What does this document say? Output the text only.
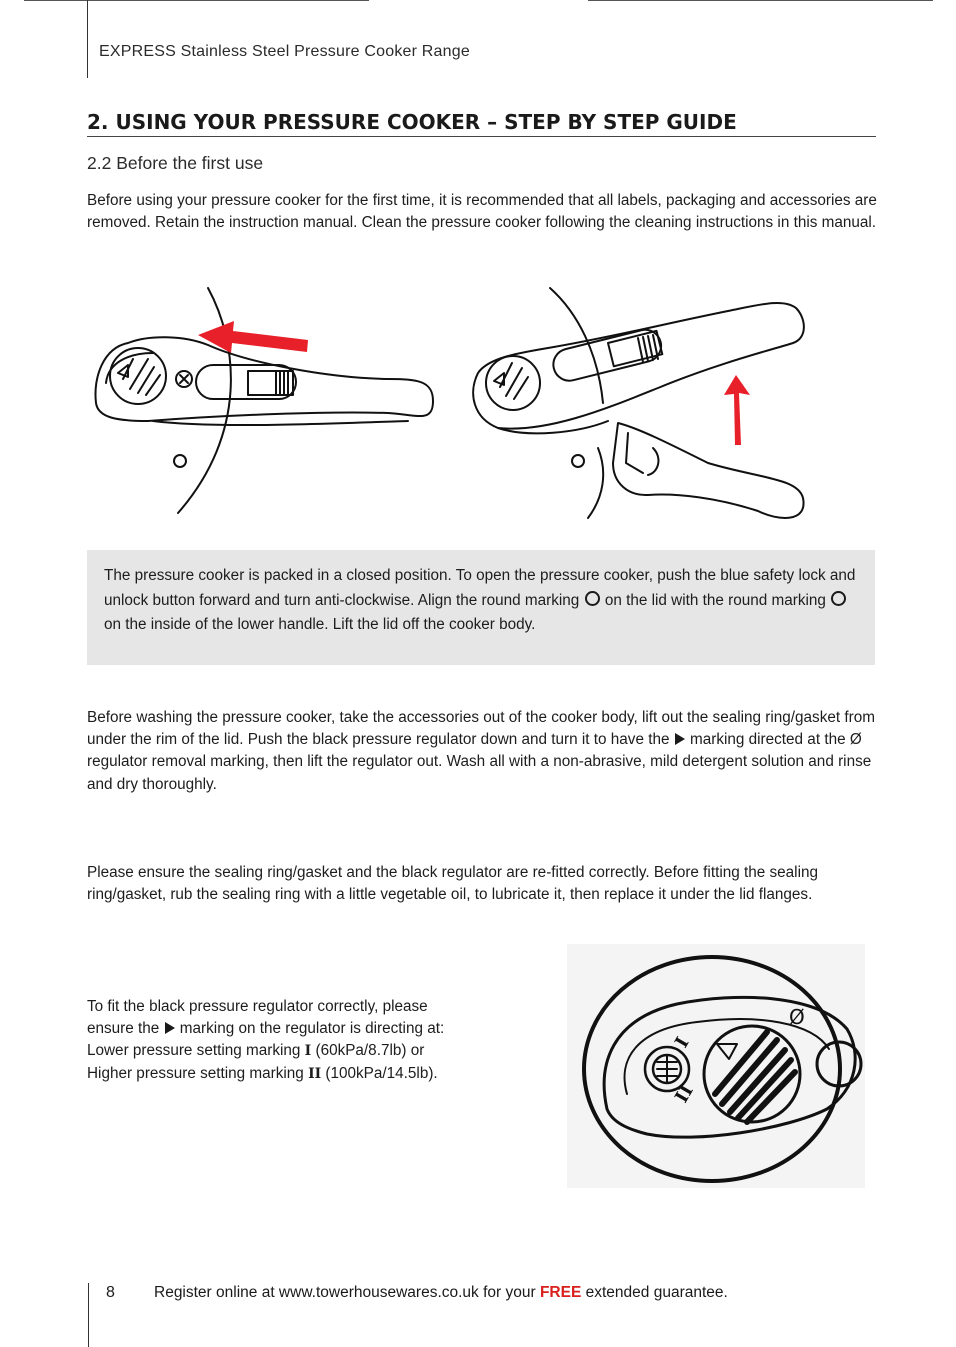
EXPRESS Stainless Steel Pressure Cooker Range
2. USING YOUR PRESSURE COOKER – STEP BY STEP GUIDE
2.2 Before the first use
Before using your pressure cooker for the first time, it is recommended that all labels, packaging and accessories are removed. Retain the instruction manual. Clean the pressure cooker following the cleaning instructions in this manual.
The pressure cooker is packed in a closed position. To open the pressure cooker, push the blue safety lock and unlock button forward and turn anti-clockwise. Align the round marking on the lid with the round marking  on the inside of the lower handle. Lift the lid off the cooker body.
Before washing the pressure cooker, take the accessories out of the cooker body, lift out the sealing ring/gasket from under the rim of the lid. Push the black pressure regulator down and turn it to have the marking directed at the Ø regulator removal marking, then lift the regulator out. Wash all with a non-abrasive, mild detergent solution and rinse and dry thoroughly.
Please ensure the sealing ring/gasket and the black regulator are re-fitted correctly. Before fitting the sealing ring/gasket, rub the sealing ring with a little vegetable oil, to lubricate it, then replace it under the lid flanges.
To fit the black pressure regulator correctly, please
ensure the marking on the regulator is directing at:
Lower pressure setting marking I (60kPa/8.7lb) or
Higher pressure setting marking II (100kPa/14.5lb).
I
II
Ø
8	Register online at www.towerhousewares.co.uk for your FREE extended guarantee.
